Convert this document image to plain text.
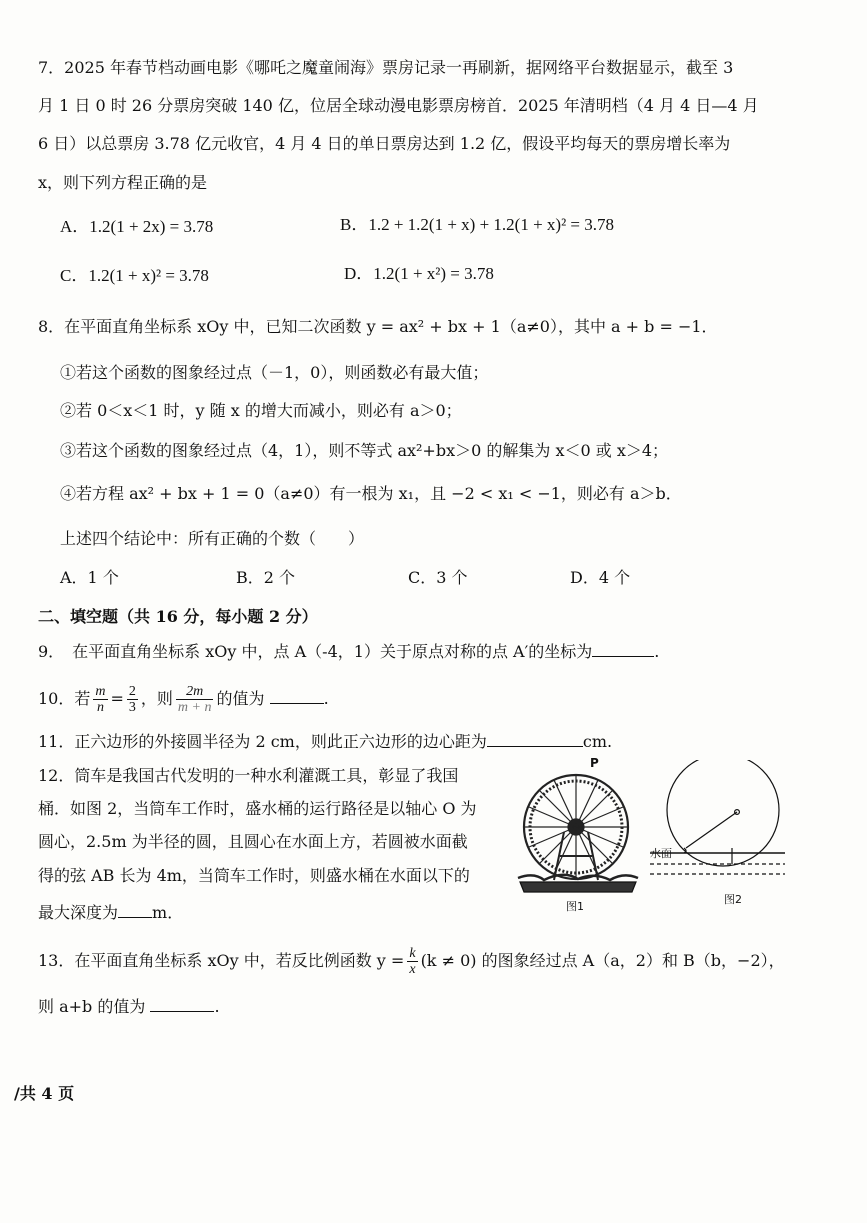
7．2025 年春节档动画电影《哪吒之魔童闹海》票房记录一再刷新，据网络平台数据显示，截至 3
月 1 日 0 时 26 分票房突破 140 亿，位居全球动漫电影票房榜首．2025 年清明档（4 月 4 日—4 月
6 日）以总票房 3.78 亿元收官，4 月 4 日的单日票房达到 1.2 亿，假设平均每天的票房增长率为
x，则下列方程正确的是
A．1.2(1 + 2x) = 3.78	B．1.2 + 1.2(1 + x) + 1.2(1 + x)² = 3.78
C．1.2(1 + x)² = 3.78	D．1.2(1 + x²) = 3.78
8．在平面直角坐标系 xOy 中，已知二次函数 y = ax² + bx + 1（a≠0），其中 a + b = −1．
①若这个函数的图象经过点（－1，0），则函数必有最大值；
②若 0＜x＜1 时，y 随 x 的增大而减小，则必有 a＞0；
③若这个函数的图象经过点（4，1），则不等式 ax²+bx＞0 的解集为 x＜0 或 x＞4；
④若方程 ax² + bx + 1 = 0（a≠0）有一根为 x₁，且 −2 < x₁ < −1，则必有 a＞b．
上述四个结论中：所有正确的个数（　　）
A．1 个	B．2 个	C．3 个	D．4 个
二、填空题（共 16 分，每小题 2 分）
9．　在平面直角坐标系 xOy 中，点 A（-4，1）关于原点对称的点 A′的坐标为	.
10．若 $\frac{m}{n} = \frac{2}{3}$ ，则 $\frac{2m}{m + n}$ 的值为	.
11．正六边形的外接圆半径为 2 cm，则此正六边形的边心距为	cm.
12．筒车是我国古代发明的一种水利灌溉工具，彰显了我国
桶．如图 2，当筒车工作时，盛水桶的运行路径是以轴心 O 为
圆心，2.5m 为半径的圆，且圆心在水面上方，若圆被水面截
得的弦 AB 长为 4m，当筒车工作时，则盛水桶在水面以下的
最大深度为 m．
P
图1
水面
图2
13．在平面直角坐标系 xOy 中，若反比例函数 $y = \frac{k}{x} (k \ne 0)$ 的图象经过点 A（a，2）和 B（b，−2），
则 a+b 的值为	.
/共 4 页
